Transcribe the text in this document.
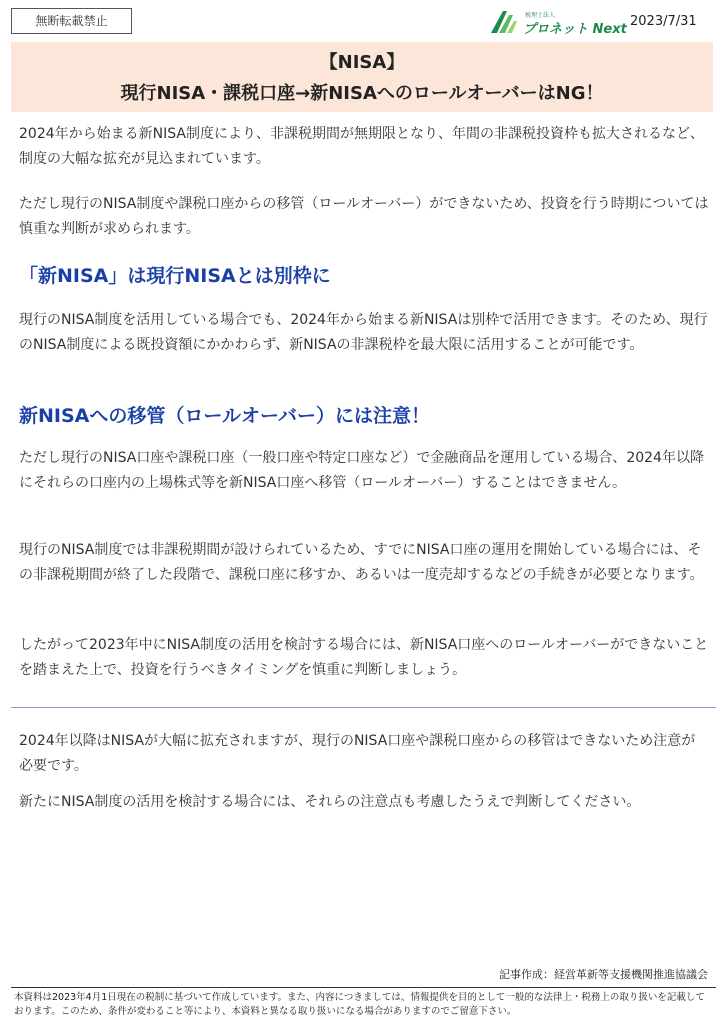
無断転載禁止	税理士法人
プロネット Next
2023/7/31
【NISA】
現行NISA・課税口座→新NISAへのロールオーバーはNG！

2024年から始まる新NISA制度により、非課税期間が無期限となり、年間の非課税投資枠も拡大されるなど、制度の大幅な拡充が見込まれています。

ただし現行のNISA制度や課税口座からの移管（ロールオーバー）ができないため、投資を行う時期については慎重な判断が求められます。

「新NISA」は現行NISAとは別枠に

現行のNISA制度を活用している場合でも、2024年から始まる新NISAは別枠で活用できます。そのため、現行のNISA制度による既投資額にかかわらず、新NISAの非課税枠を最大限に活用することが可能です。

新NISAへの移管（ロールオーバー）には注意！

ただし現行のNISA口座や課税口座（一般口座や特定口座など）で金融商品を運用している場合、2024年以降にそれらの口座内の上場株式等を新NISA口座へ移管（ロールオーバー）することはできません。

現行のNISA制度では非課税期間が設けられているため、すでにNISA口座の運用を開始している場合には、その非課税期間が終了した段階で、課税口座に移すか、あるいは一度売却するなどの手続きが必要となります。

したがって2023年中にNISA制度の活用を検討する場合には、新NISA口座へのロールオーバーができないことを踏まえた上で、投資を行うべきタイミングを慎重に判断しましょう。

2024年以降はNISAが大幅に拡充されますが、現行のNISA口座や課税口座からの移管はできないため注意が必要です。

新たにNISA制度の活用を検討する場合には、それらの注意点も考慮したうえで判断してください。

記事作成：経営革新等支援機関推進協議会

本資料は2023年4月1日現在の税制に基づいて作成しています。また、内容につきましては、情報提供を目的として一般的な法律上・税務上の取り扱いを記載しております。このため、条件が変わること等により、本資料と異なる取り扱いになる場合がありますのでご留意下さい。
